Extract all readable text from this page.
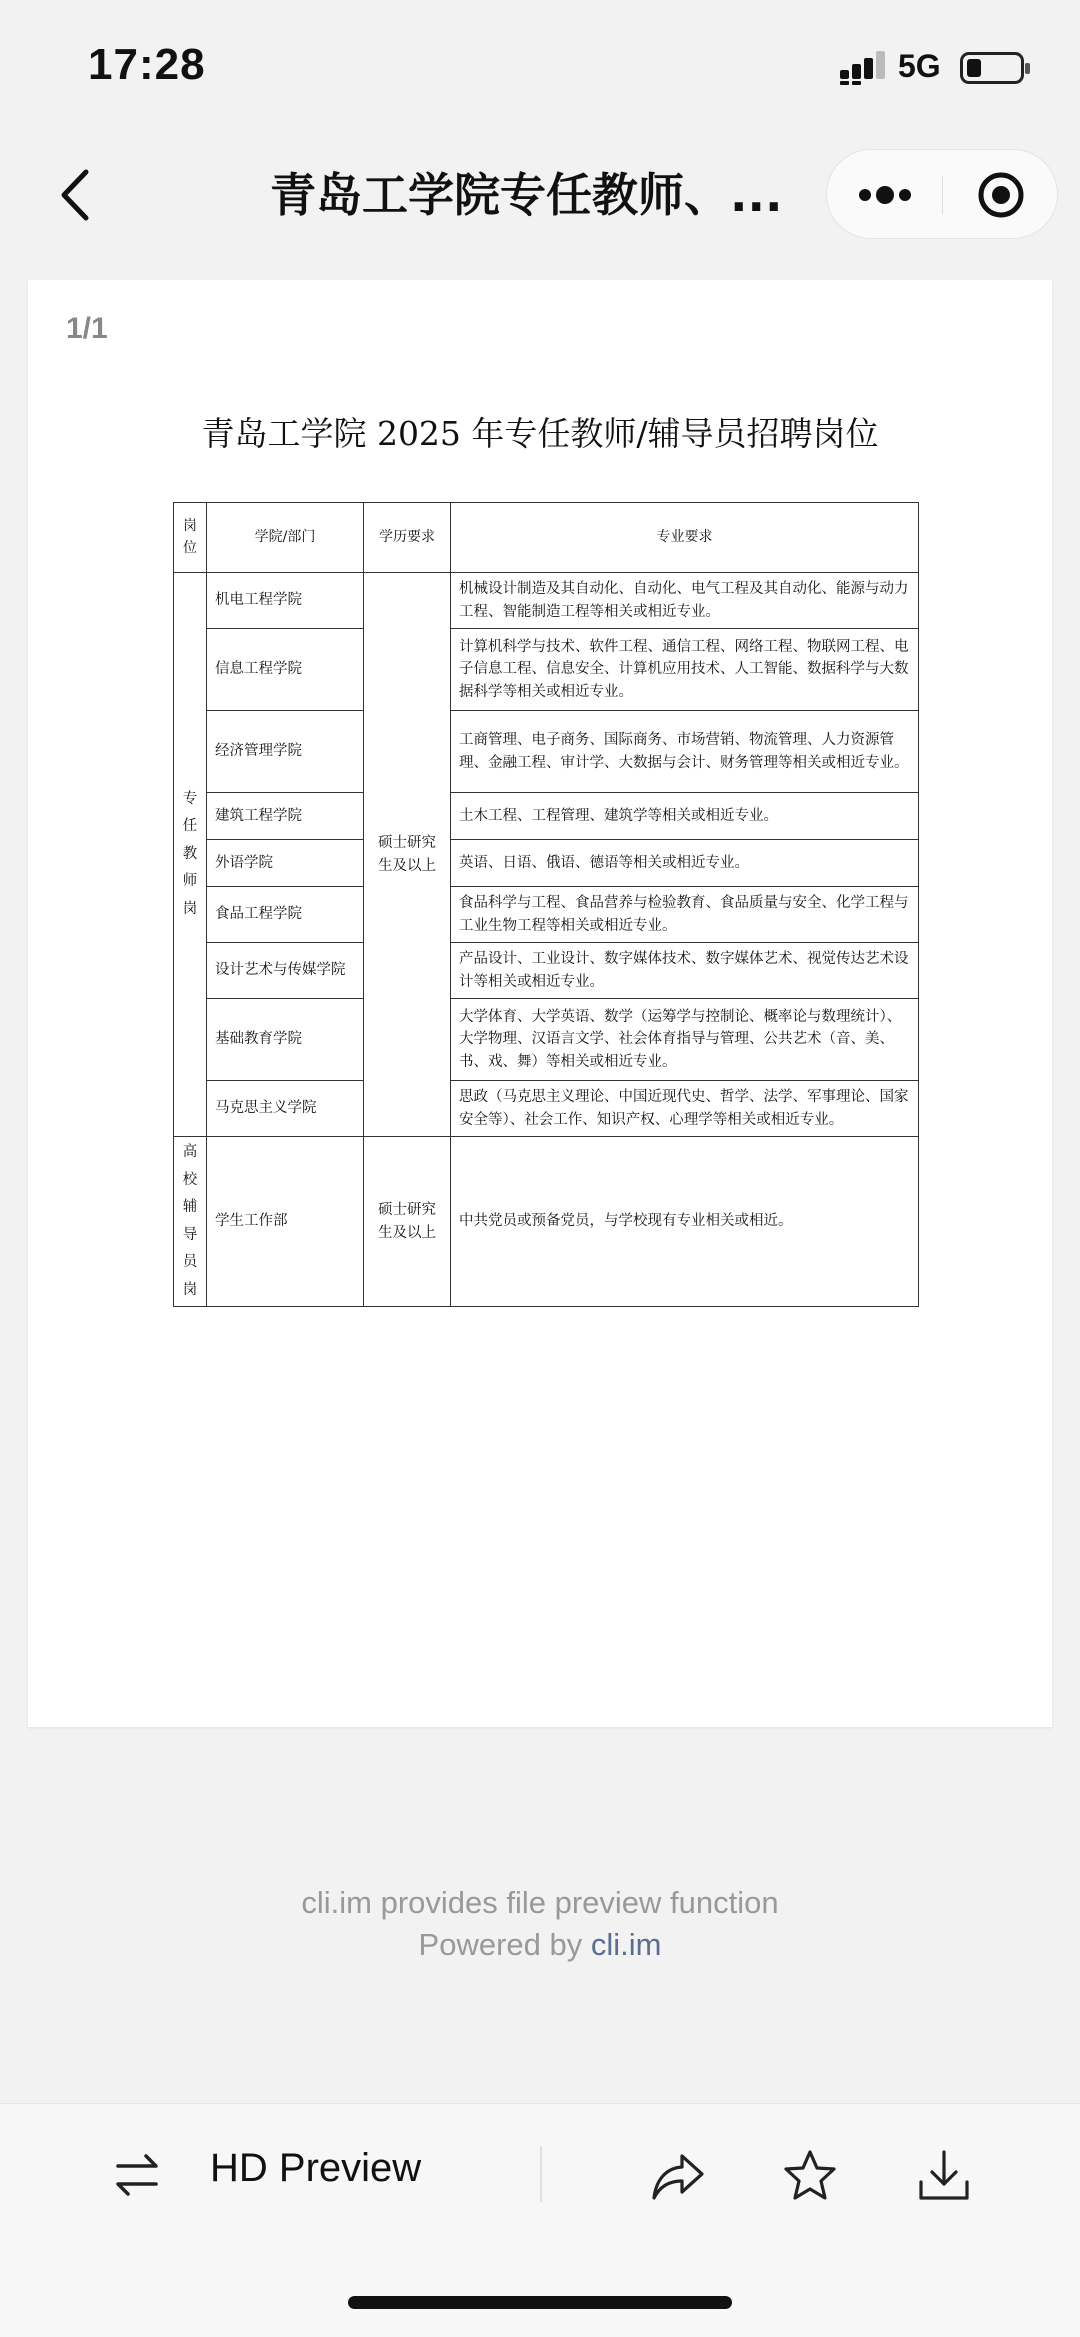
17:28	5G
青岛工学院专任教师、...
1/1
青岛工学院 2025 年专任教师/辅导员招聘岗位
岗位	学院/部门	学历要求	专业要求
专任教师岗	机电工程学院	硕士研究生及以上	机械设计制造及其自动化、自动化、电气工程及其自动化、能源与动力工程、智能制造工程等相关或相近专业。
	信息工程学院		计算机科学与技术、软件工程、通信工程、网络工程、物联网工程、电子信息工程、信息安全、计算机应用技术、人工智能、数据科学与大数据科学等相关或相近专业。
	经济管理学院		工商管理、电子商务、国际商务、市场营销、物流管理、人力资源管理、金融工程、审计学、大数据与会计、财务管理等相关或相近专业。
	建筑工程学院		土木工程、工程管理、建筑学等相关或相近专业。
	外语学院		英语、日语、俄语、德语等相关或相近专业。
	食品工程学院		食品科学与工程、食品营养与检验教育、食品质量与安全、化学工程与工业生物工程等相关或相近专业。
	设计艺术与传媒学院		产品设计、工业设计、数字媒体技术、数字媒体艺术、视觉传达艺术设计等相关或相近专业。
	基础教育学院		大学体育、大学英语、数学（运筹学与控制论、概率论与数理统计）、大学物理、汉语言文学、社会体育指导与管理、公共艺术（音、美、书、戏、舞）等相关或相近专业。
	马克思主义学院		思政（马克思主义理论、中国近现代史、哲学、法学、军事理论、国家安全等）、社会工作、知识产权、心理学等相关或相近专业。
高校辅导员岗	学生工作部	硕士研究生及以上	中共党员或预备党员，与学校现有专业相关或相近。
cli.im provides file preview function
Powered by cli.im
HD Preview
